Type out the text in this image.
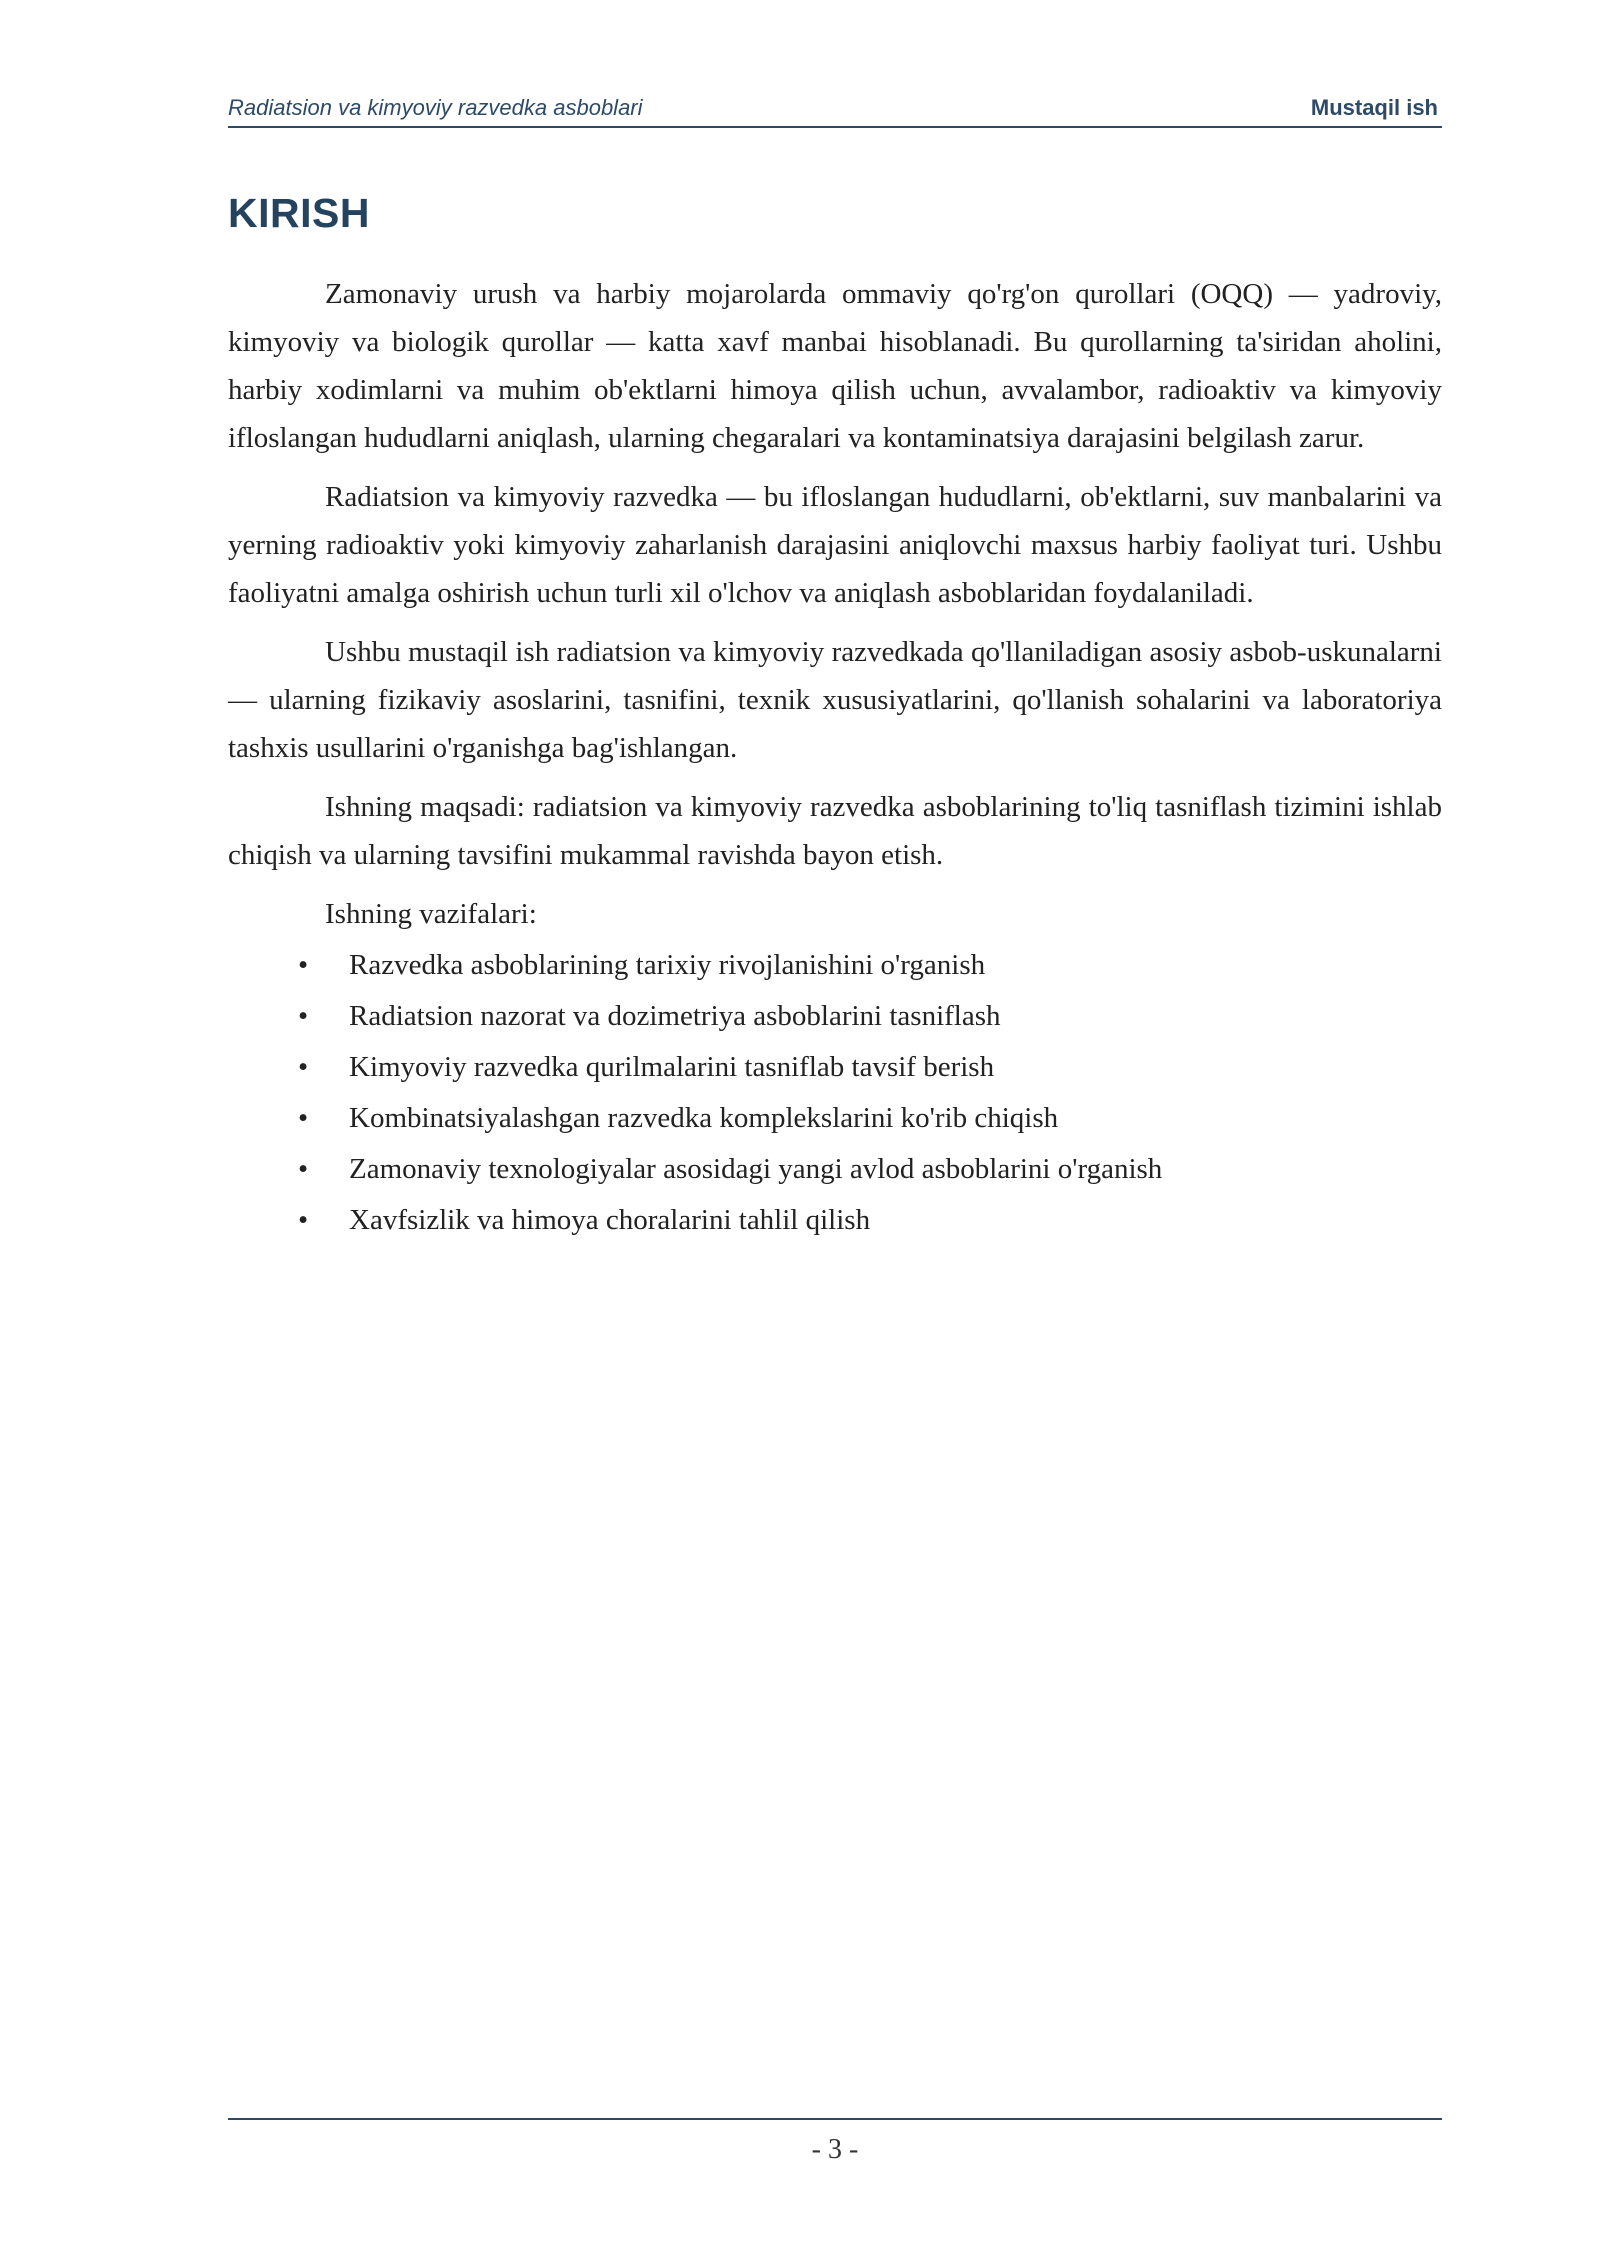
Radiatsion va kimyoviy razvedka asboblari	Mustaqil ish
KIRISH

Zamonaviy urush va harbiy mojarolarda ommaviy qo'rg'on qurollari (OQQ) — yadroviy, kimyoviy va biologik qurollar — katta xavf manbai hisoblanadi. Bu qurollarning ta'siridan aholini, harbiy xodimlarni va muhim ob'ektlarni himoya qilish uchun, avvalambor, radioaktiv va kimyoviy ifloslangan hududlarni aniqlash, ularning chegaralari va kontaminatsiya darajasini belgilash zarur.

Radiatsion va kimyoviy razvedka — bu ifloslangan hududlarni, ob'ektlarni, suv manbalarini va yerning radioaktiv yoki kimyoviy zaharlanish darajasini aniqlovchi maxsus harbiy faoliyat turi. Ushbu faoliyatni amalga oshirish uchun turli xil o'lchov va aniqlash asboblaridan foydalaniladi.

Ushbu mustaqil ish radiatsion va kimyoviy razvedkada qo'llaniladigan asosiy asbob-uskunalarni — ularning fizikaviy asoslarini, tasnifini, texnik xususiyatlarini, qo'llanish sohalarini va laboratoriya tashxis usullarini o'rganishga bag'ishlangan.

Ishning maqsadi: radiatsion va kimyoviy razvedka asboblarining to'liq tasniflash tizimini ishlab chiqish va ularning tavsifini mukammal ravishda bayon etish.

Ishning vazifalari:

• Razvedka asboblarining tarixiy rivojlanishini o'rganish
• Radiatsion nazorat va dozimetriya asboblarini tasniflash
• Kimyoviy razvedka qurilmalarini tasniflab tavsif berish
• Kombinatsiyalashgan razvedka komplekslarini ko'rib chiqish
• Zamonaviy texnologiyalar asosidagi yangi avlod asboblarini o'rganish
• Xavfsizlik va himoya choralarini tahlil qilish
- 3 -
